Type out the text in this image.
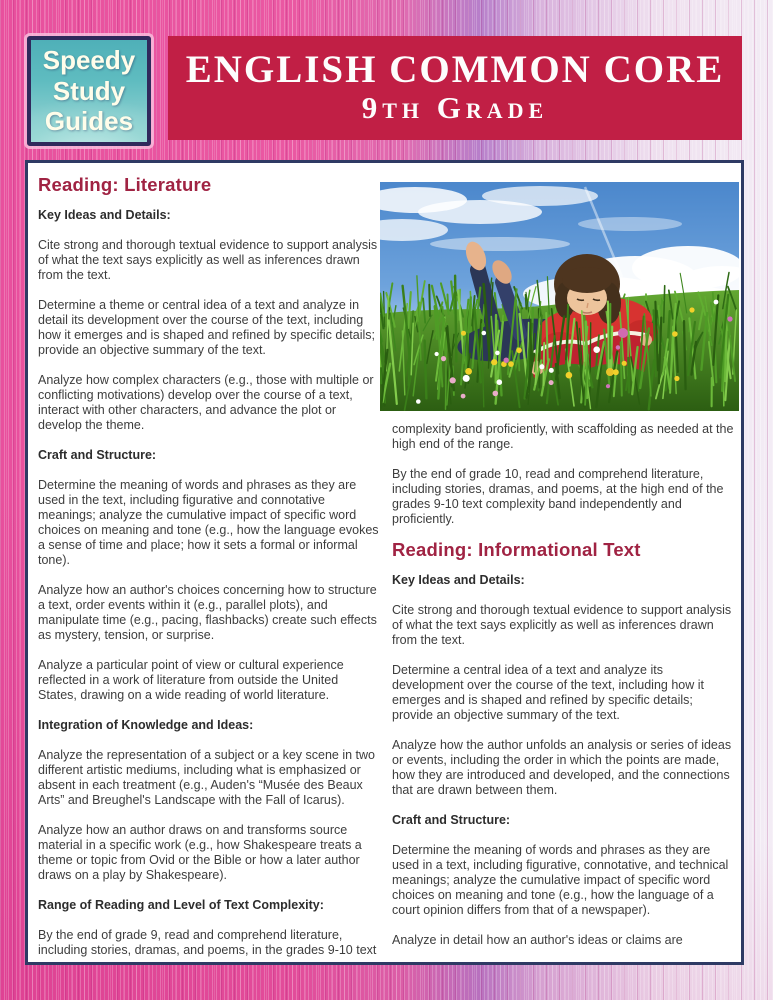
Speedy
Study
Guides
ENGLISH COMMON CORE
9th Grade
Reading: Literature
Key Ideas and Details:
Cite strong and thorough textual evidence to support analysis of what the text says explicitly as well as inferences drawn from the text.
Determine a theme or central idea of a text and analyze in detail its development over the course of the text, including how it emerges and is shaped and refined by specific details; provide an objective summary of the text.
Analyze how complex characters (e.g., those with multiple or conflicting motivations) develop over the course of a text, interact with other characters, and advance the plot or develop the theme.
Craft and Structure:
Determine the meaning of words and phrases as they are used in the text, including figurative and connotative meanings; analyze the cumulative impact of specific word choices on meaning and tone (e.g., how the language evokes a sense of time and place; how it sets a formal or informal tone).
Analyze how an author's choices concerning how to structure a text, order events within it (e.g., parallel plots), and manipulate time (e.g., pacing, flashbacks) create such effects as mystery, tension, or surprise.
Analyze a particular point of view or cultural experience reflected in a work of literature from outside the United States, drawing on a wide reading of world literature.
Integration of Knowledge and Ideas:
Analyze the representation of a subject or a key scene in two different artistic mediums, including what is emphasized or absent in each treatment (e.g., Auden's “Musée des Beaux Arts” and Breughel's Landscape with the Fall of Icarus).
Analyze how an author draws on and transforms source material in a specific work (e.g., how Shakespeare treats a theme or topic from Ovid or the Bible or how a later author draws on a play by Shakespeare).
Range of Reading and Level of Text Complexity:
By the end of grade 9, read and comprehend literature, including stories, dramas, and poems, in the grades 9-10 text
complexity band proficiently, with scaffolding as needed at the high end of the range.
By the end of grade 10, read and comprehend literature, including stories, dramas, and poems, at the high end of the grades 9-10 text complexity band independently and proficiently.
Reading: Informational Text
Key Ideas and Details:
Cite strong and thorough textual evidence to support analysis of what the text says explicitly as well as inferences drawn from the text.
Determine a central idea of a text and analyze its development over the course of the text, including how it emerges and is shaped and refined by specific details; provide an objective summary of the text.
Analyze how the author unfolds an analysis or series of ideas or events, including the order in which the points are made, how they are introduced and developed, and the connections that are drawn between them.
Craft and Structure:
Determine the meaning of words and phrases as they are used in a text, including figurative, connotative, and technical meanings; analyze the cumulative impact of specific word choices on meaning and tone (e.g., how the language of a court opinion differs from that of a newspaper).
Analyze in detail how an author's ideas or claims are
